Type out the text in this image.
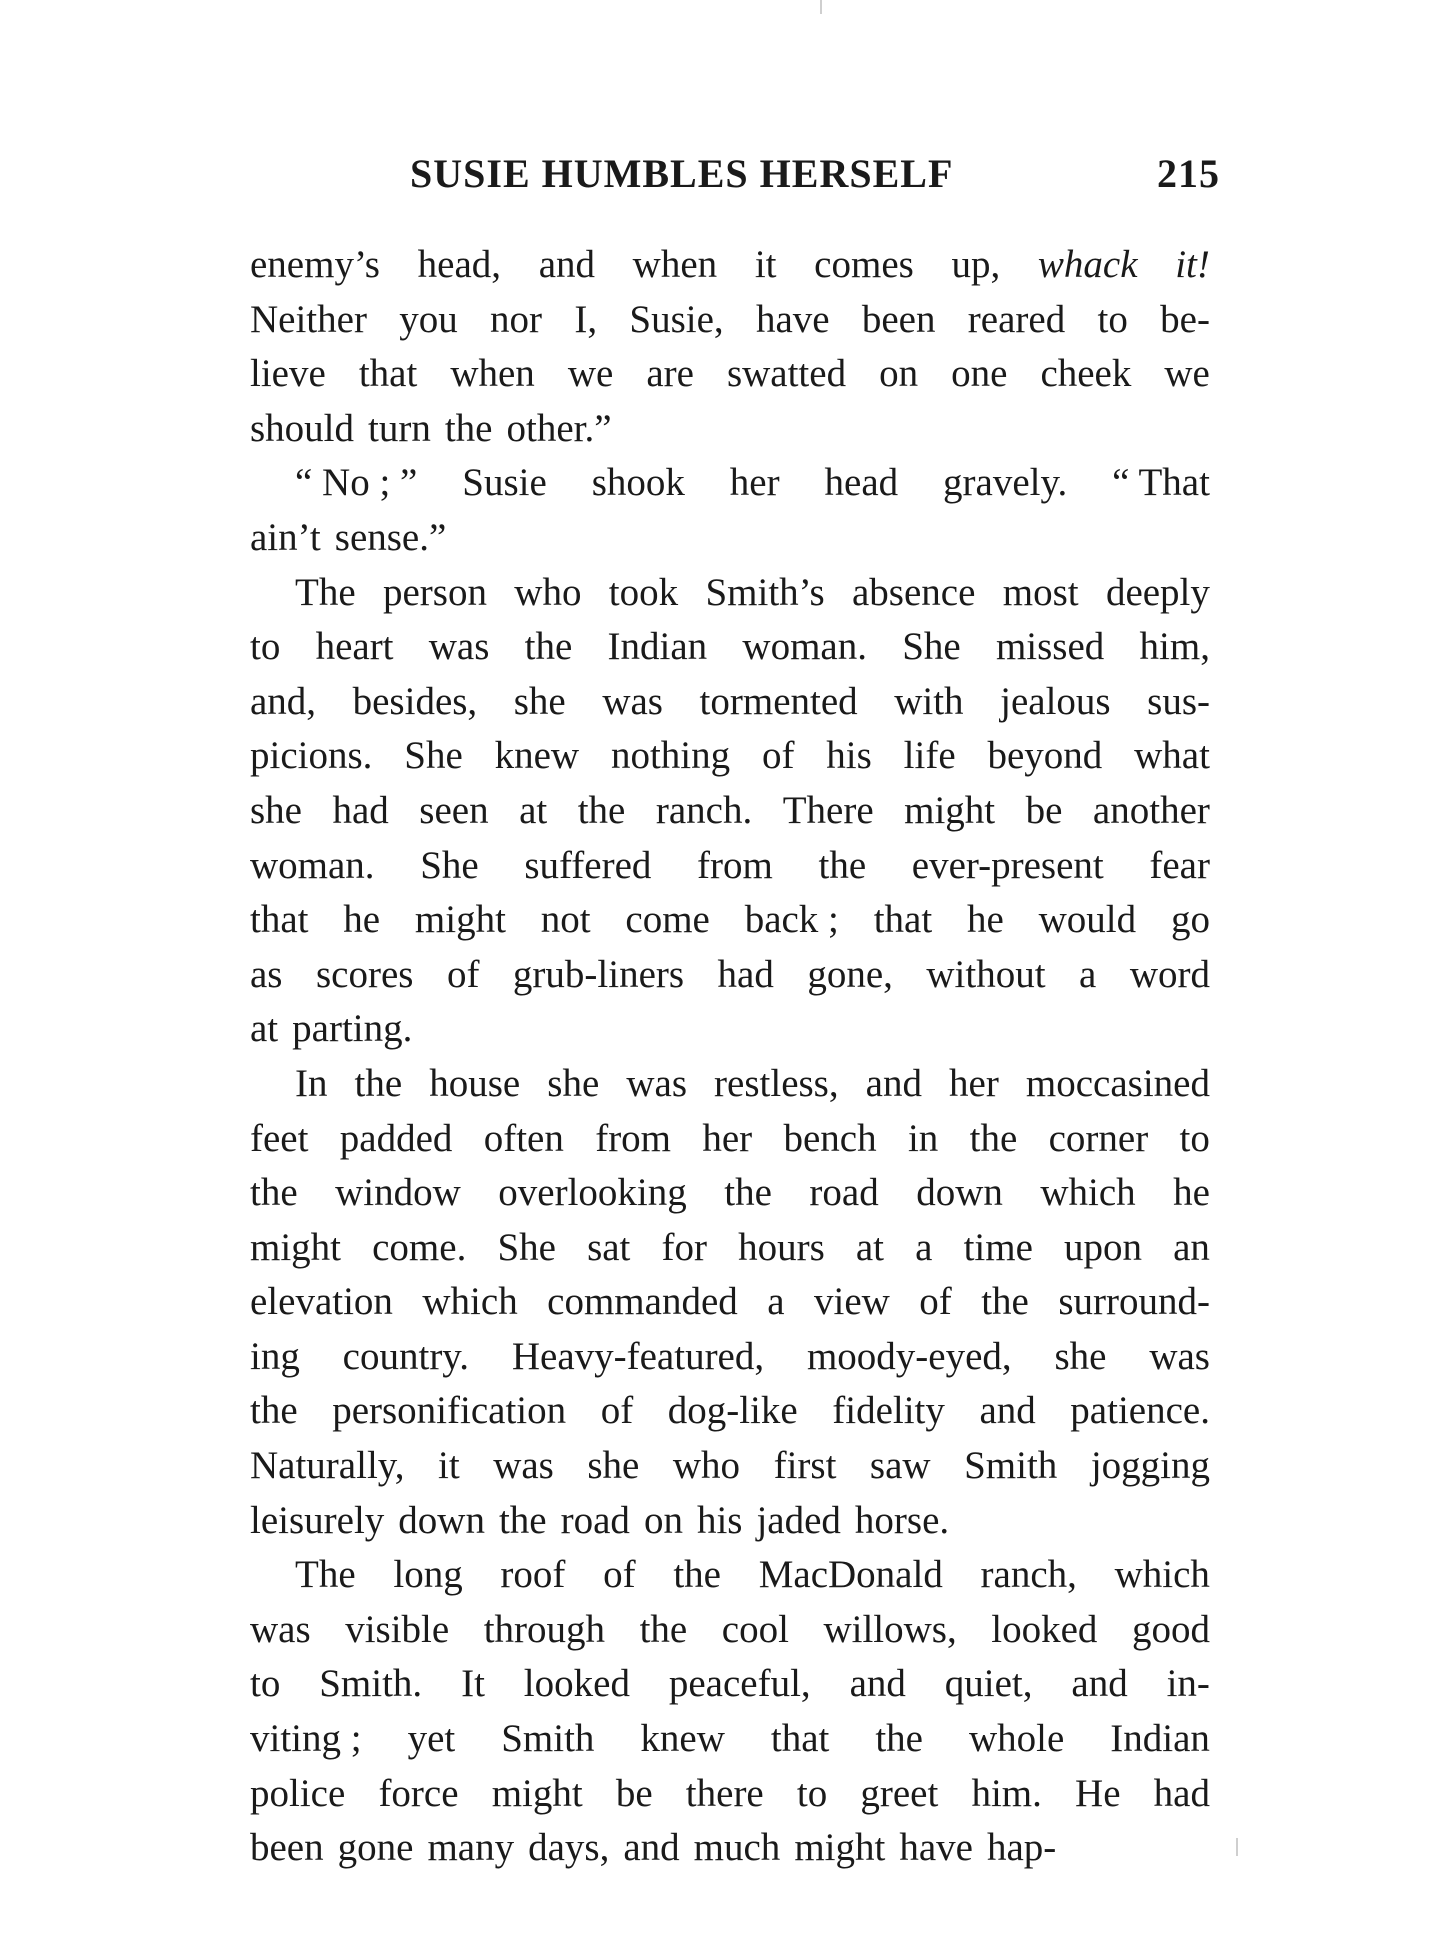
SUSIE HUMBLES HERSELF	215
enemy’s head, and when it comes up, whack it!
Neither you nor I, Susie, have been reared to be-
lieve that when we are swatted on one cheek we
should turn the other.”
“ No ; ” Susie shook her head gravely. “ That
ain’t sense.”
The person who took Smith’s absence most deeply
to heart was the Indian woman. She missed him,
and, besides, she was tormented with jealous sus-
picions. She knew nothing of his life beyond what
she had seen at the ranch. There might be another
woman. She suffered from the ever-present fear
that he might not come back ; that he would go
as scores of grub-liners had gone, without a word
at parting.
In the house she was restless, and her moccasined
feet padded often from her bench in the corner to
the window overlooking the road down which he
might come. She sat for hours at a time upon an
elevation which commanded a view of the surround-
ing country. Heavy-featured, moody-eyed, she was
the personification of dog-like fidelity and patience.
Naturally, it was she who first saw Smith jogging
leisurely down the road on his jaded horse.
The long roof of the MacDonald ranch, which
was visible through the cool willows, looked good
to Smith. It looked peaceful, and quiet, and in-
viting ; yet Smith knew that the whole Indian
police force might be there to greet him. He had
been gone many days, and much might have hap-
